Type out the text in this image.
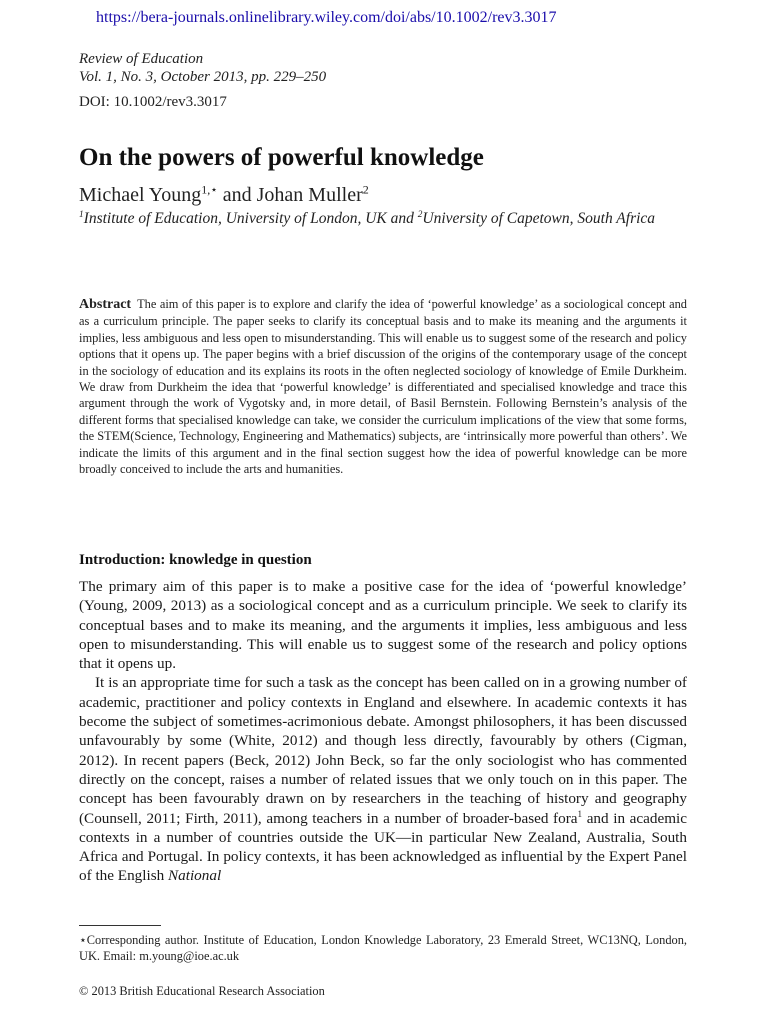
https://bera-journals.onlinelibrary.wiley.com/doi/abs/10.1002/rev3.3017
Review of Education
Vol. 1, No. 3, October 2013, pp. 229–250
DOI: 10.1002/rev3.3017
On the powers of powerful knowledge
Michael Young$^{1,⋆}$ and Johan Muller$^2$
$^1$Institute of Education, University of London, UK and $^2$University of Capetown, South Africa

Abstract The aim of this paper is to explore and clarify the idea of ‘powerful knowledge’ as a sociological concept and as a curriculum principle. The paper seeks to clarify its conceptual basis and to make its meaning and the arguments it implies, less ambiguous and less open to misunderstanding. This will enable us to suggest some of the research and policy options that it opens up. The paper begins with a brief discussion of the origins of the contemporary usage of the concept in the sociology of education and its explains its roots in the often neglected sociology of knowledge of Emile Durkheim. We draw from Durkheim the idea that ‘powerful knowledge’ is differentiated and specialised knowledge and trace this argument through the work of Vygotsky and, in more detail, of Basil Bernstein. Following Bernstein’s analysis of the different forms that specialised knowledge can take, we consider the curriculum implications of the view that some forms, the STEM(Science, Technology, Engineering and Mathematics) subjects, are ‘intrinsically more powerful than others’. We indicate the limits of this argument and in the final section suggest how the idea of powerful knowledge can be more broadly conceived to include the arts and humanities.

Introduction: knowledge in question

The primary aim of this paper is to make a positive case for the idea of ‘powerful knowledge’ (Young, 2009, 2013) as a sociological concept and as a curriculum principle. We seek to clarify its conceptual bases and to make its meaning, and the arguments it implies, less ambiguous and less open to misunderstanding. This will enable us to suggest some of the research and policy options that it opens up.

It is an appropriate time for such a task as the concept has been called on in a growing number of academic, practitioner and policy contexts in England and elsewhere. In academic contexts it has become the subject of sometimes-acrimonious debate. Amongst philosophers, it has been discussed unfavourably by some (White, 2012) and though less directly, favourably by others (Cigman, 2012). In recent papers (Beck, 2012) John Beck, so far the only sociologist who has commented directly on the concept, raises a number of related issues that we only touch on in this paper. The concept has been favourably drawn on by researchers in the teaching of history and geography (Counsell, 2011; Firth, 2011), among teachers in a number of broader-based fora$^1$ and in academic contexts in a number of countries outside the UK—in particular New Zealand, Australia, South Africa and Portugal. In policy contexts, it has been acknowledged as influential by the Expert Panel of the English National

⋆Corresponding author. Institute of Education, London Knowledge Laboratory, 23 Emerald Street, WC13NQ, London, UK. Email: m.young@ioe.ac.uk

© 2013 British Educational Research Association
